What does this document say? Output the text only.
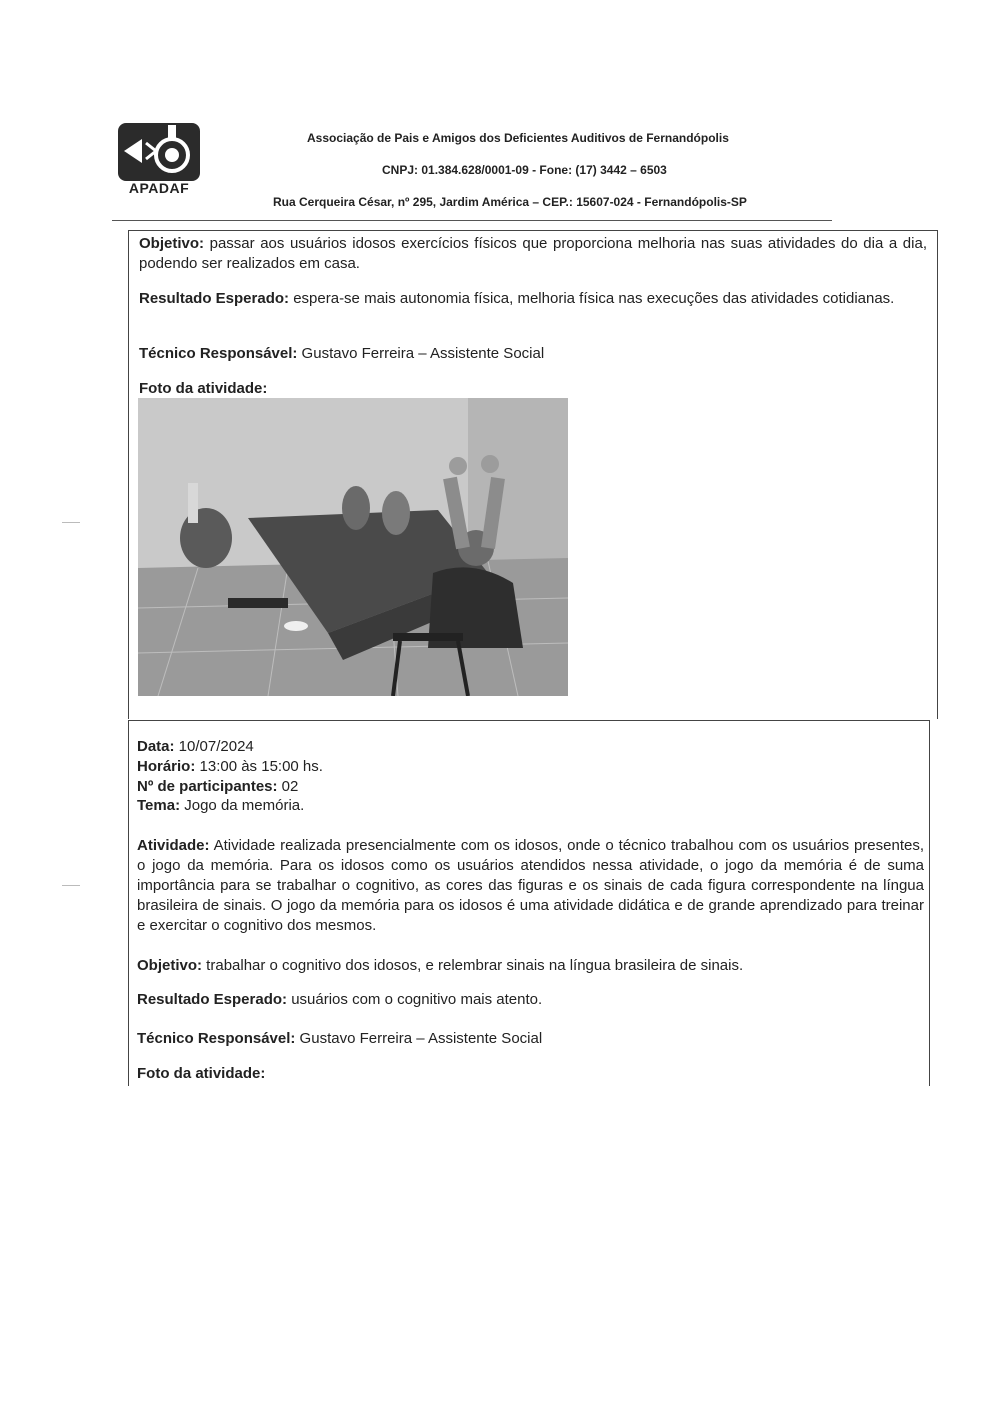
APADAF
Associação de Pais e Amigos dos Deficientes Auditivos de Fernandópolis
CNPJ: 01.384.628/0001-09 - Fone: (17) 3442 – 6503
Rua Cerqueira César, nº 295, Jardim América – CEP.: 15607-024 - Fernandópolis-SP
Objetivo: passar aos usuários idosos exercícios físicos que proporciona melhoria nas suas atividades do dia a dia, podendo ser realizados em casa.
Resultado Esperado: espera-se mais autonomia física, melhoria física nas execuções das atividades cotidianas.
Técnico Responsável: Gustavo Ferreira – Assistente Social
Foto da atividade:
Data: 10/07/2024
Horário: 13:00 às 15:00 hs.
Nº de participantes: 02
Tema: Jogo da memória.
Atividade: Atividade realizada presencialmente com os idosos, onde o técnico trabalhou com os usuários presentes, o jogo da memória. Para os idosos como os usuários atendidos nessa atividade, o jogo da memória é de suma importância para se trabalhar o cognitivo, as cores das figuras e os sinais de cada figura correspondente na língua brasileira de sinais. O jogo da memória para os idosos é uma atividade didática e de grande aprendizado para treinar e exercitar o cognitivo dos mesmos.
Objetivo: trabalhar o cognitivo dos idosos, e relembrar sinais na língua brasileira de sinais.
Resultado Esperado: usuários com o cognitivo mais atento.
Técnico Responsável: Gustavo Ferreira – Assistente Social
Foto da atividade:
